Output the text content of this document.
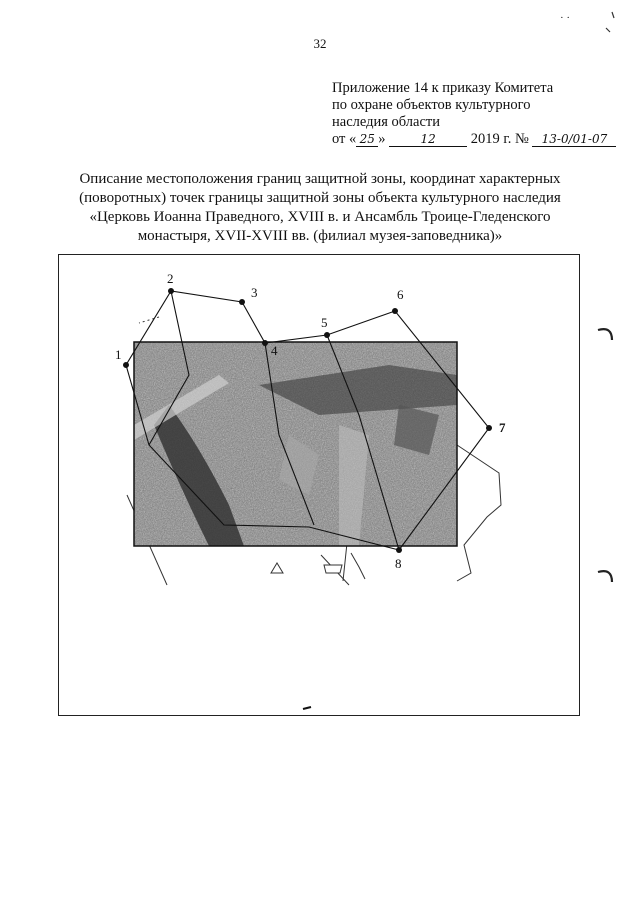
32
Приложение 14 к приказу Комитета
по охране объектов культурного
наследия области
от « 25 »	12 2019 г. № 13-0/01-07
Описание местоположения границ защитной зоны, координат характерных
(поворотных) точек границы защитной зоны объекта культурного наследия
«Церковь Иоанна Праведного, XVIII в. и Ансамбль Троице-Гледенского
монастыря, XVII-XVIII вв. (филиал музея-заповедника)»
· ·
1
2
3
4
5
6
7
8
